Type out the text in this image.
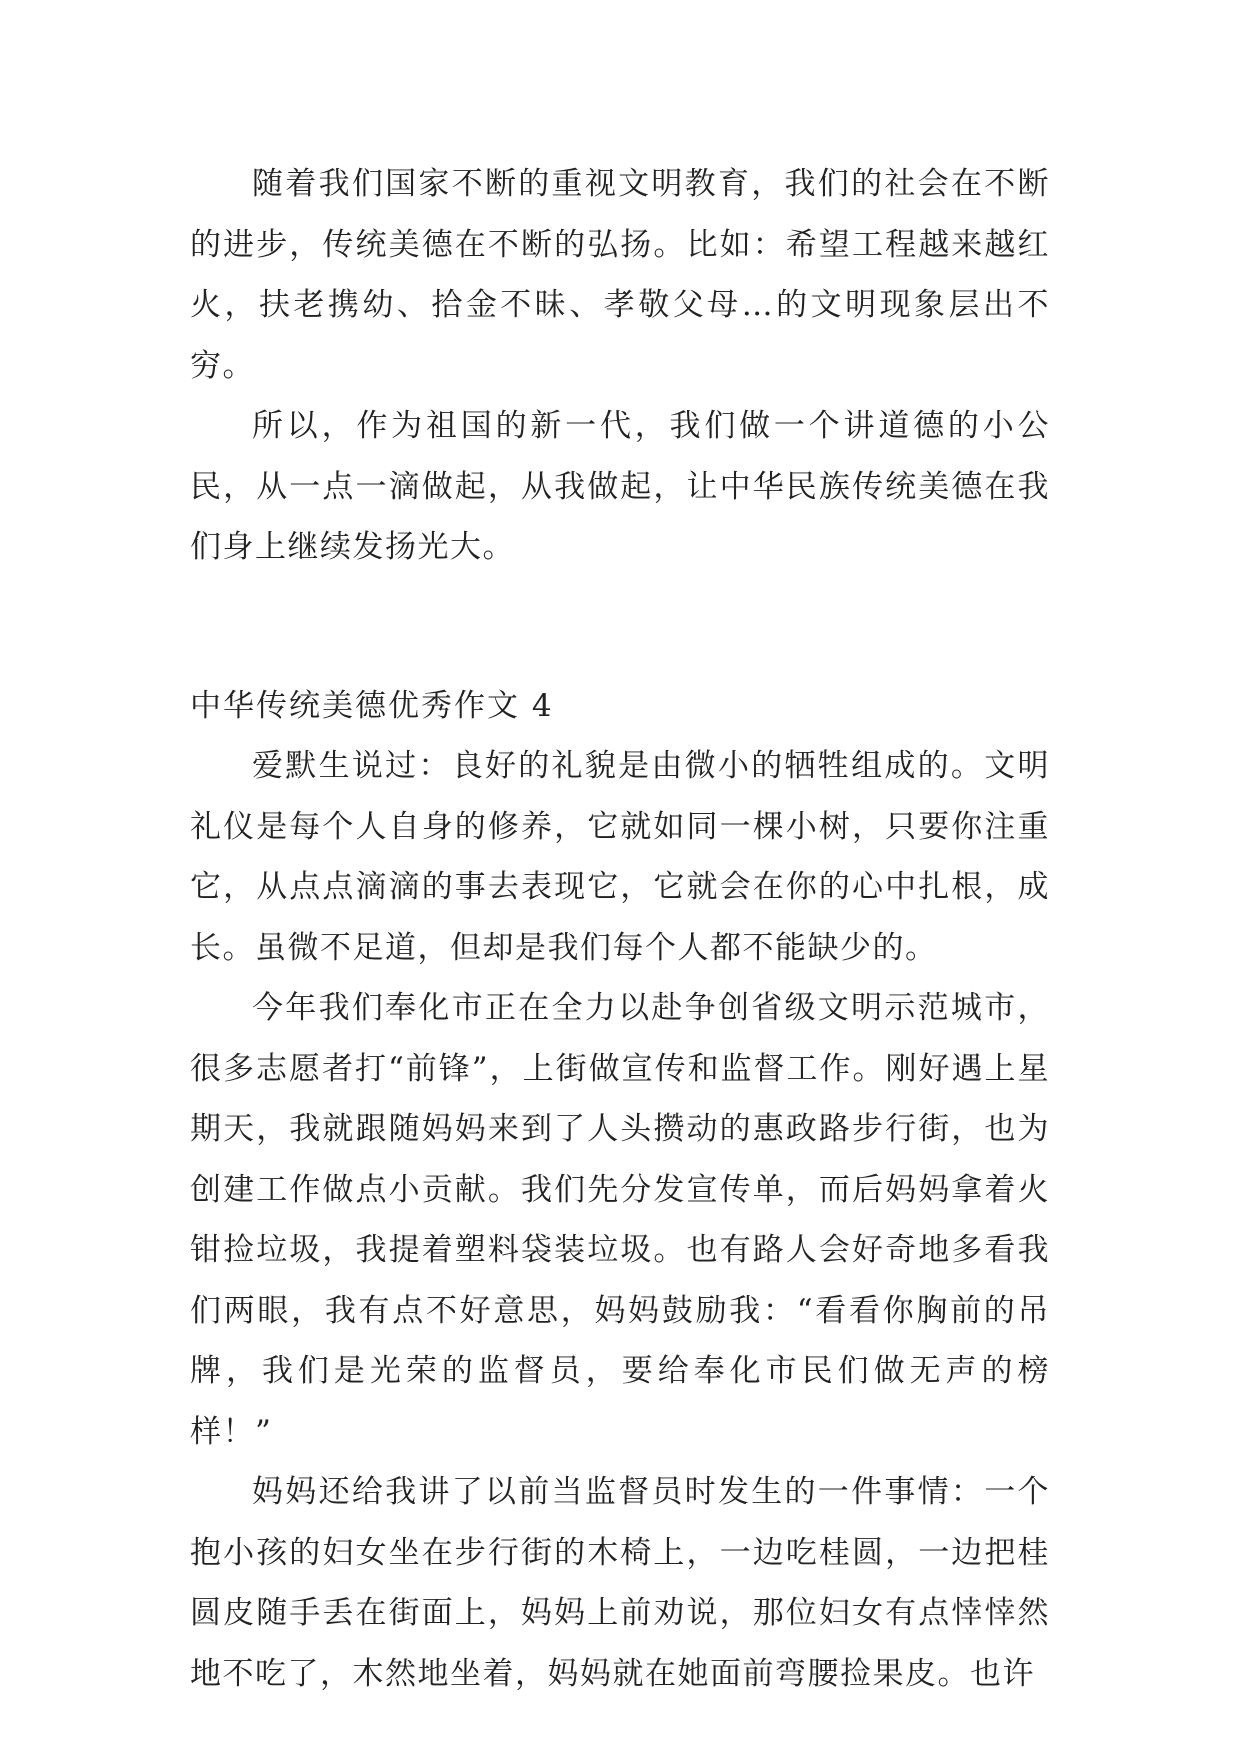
随着我们国家不断的重视文明教育，我们的社会在不断的进步，传统美德在不断的弘扬。比如：希望工程越来越红火，扶老携幼、拾金不昧、孝敬父母…的文明现象层出不穷。

所以，作为祖国的新一代，我们做一个讲道德的小公民，从一点一滴做起，从我做起，让中华民族传统美德在我们身上继续发扬光大。

中华传统美德优秀作文 4

爱默生说过：良好的礼貌是由微小的牺牲组成的。文明礼仪是每个人自身的修养，它就如同一棵小树，只要你注重它，从点点滴滴的事去表现它，它就会在你的心中扎根，成长。虽微不足道，但却是我们每个人都不能缺少的。

今年我们奉化市正在全力以赴争创省级文明示范城市，很多志愿者打“前锋”，上街做宣传和监督工作。刚好遇上星期天，我就跟随妈妈来到了人头攒动的惠政路步行街，也为创建工作做点小贡献。我们先分发宣传单，而后妈妈拿着火钳捡垃圾，我提着塑料袋装垃圾。也有路人会好奇地多看我们两眼，我有点不好意思，妈妈鼓励我：“看看你胸前的吊牌，我们是光荣的监督员，要给奉化市民们做无声的榜样！”

妈妈还给我讲了以前当监督员时发生的一件事情：一个抱小孩的妇女坐在步行街的木椅上，一边吃桂圆，一边把桂圆皮随手丢在街面上，妈妈上前劝说，那位妇女有点悻悻然地不吃了，木然地坐着，妈妈就在她面前弯腰捡果皮。也许
